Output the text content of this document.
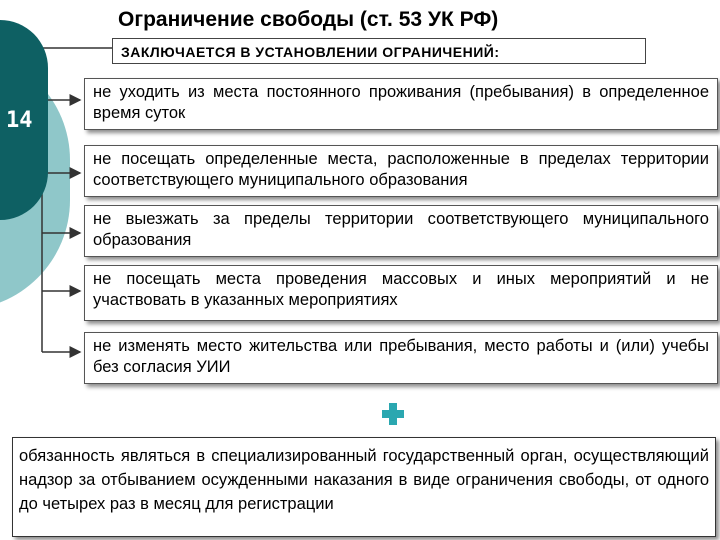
14
Ограничение свободы (ст. 53 УК РФ)
ЗАКЛЮЧАЕТСЯ В УСТАНОВЛЕНИИ ОГРАНИЧЕНИЙ:
не уходить из места постоянного проживания (пребывания) в определенное время суток
не посещать определенные места, расположенные в пределах территории соответствующего муниципального образования
не выезжать за пределы территории соответствующего муниципального образования
не посещать места проведения массовых и иных мероприятий и не участвовать в указанных мероприятиях
не изменять место жительства или пребывания, место работы и (или) учебы без согласия УИИ
обязанность являться в специализированный государственный орган, осуществляющий надзор за отбыванием осужденными наказания в виде ограничения свободы, от одного до четырех раз в месяц для регистрации
